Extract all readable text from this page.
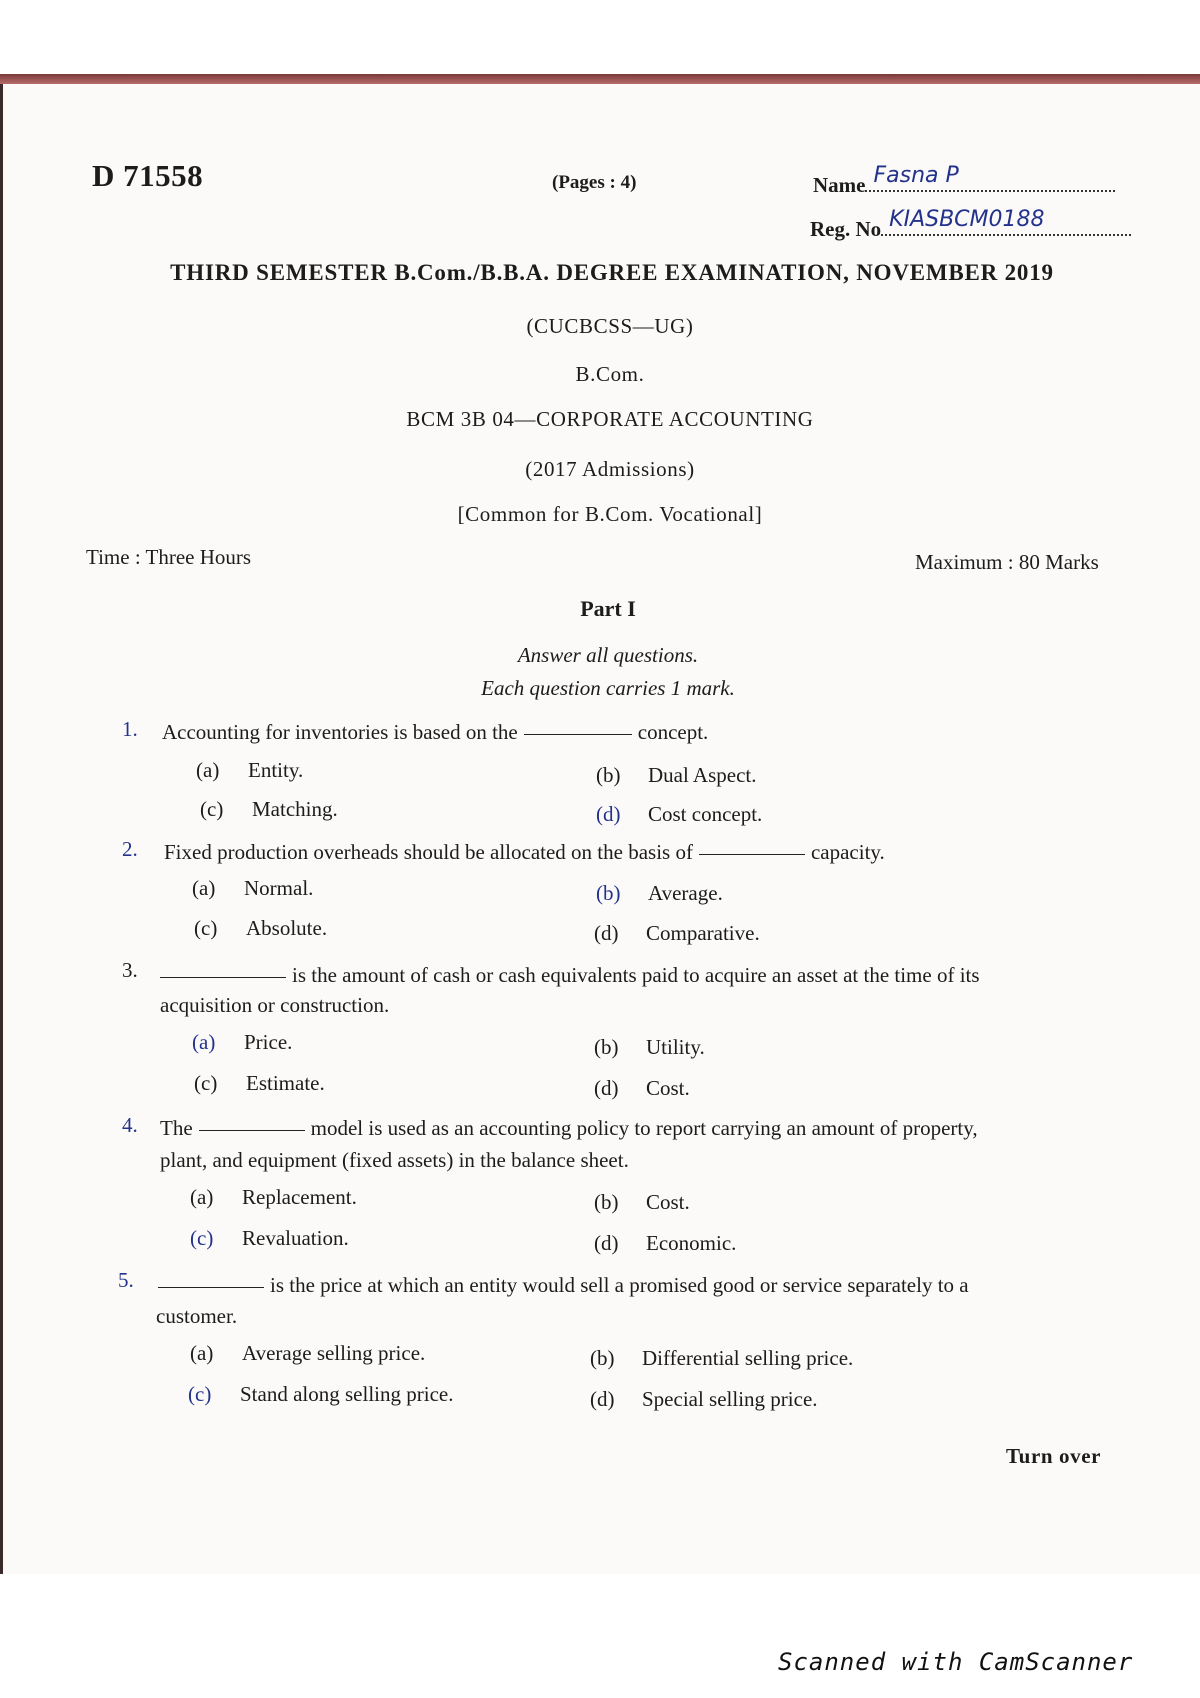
D 71558	(Pages : 4)	Name Fasna P
Reg. No KIASBCM0188
THIRD SEMESTER B.Com./B.B.A. DEGREE EXAMINATION, NOVEMBER 2019
(CUCBCSS—UG)
B.Com.
BCM 3B 04—CORPORATE ACCOUNTING
(2017 Admissions)
[Common for B.Com. Vocational]
Time : Three Hours	Maximum : 80 Marks
Part I
Answer all questions.
Each question carries 1 mark.
1. Accounting for inventories is based on the	concept.
(a) Entity.	(b) Dual Aspect.
(c) Matching.	(d) Cost concept.
2. Fixed production overheads should be allocated on the basis of	capacity.
(a) Normal.	(b) Average.
(c) Absolute.	(d) Comparative.
3.	is the amount of cash or cash equivalents paid to acquire an asset at the time of its
acquisition or construction.
(a) Price.	(b) Utility.
(c) Estimate.	(d) Cost.
4. The	model is used as an accounting policy to report carrying an amount of property,
plant, and equipment (fixed assets) in the balance sheet.
(a) Replacement.	(b) Cost.
(c) Revaluation.	(d) Economic.
5.	is the price at which an entity would sell a promised good or service separately to a
customer.
(a) Average selling price.	(b) Differential selling price.
(c) Stand along selling price.	(d) Special selling price.
Turn over
Scanned with CamScanner
